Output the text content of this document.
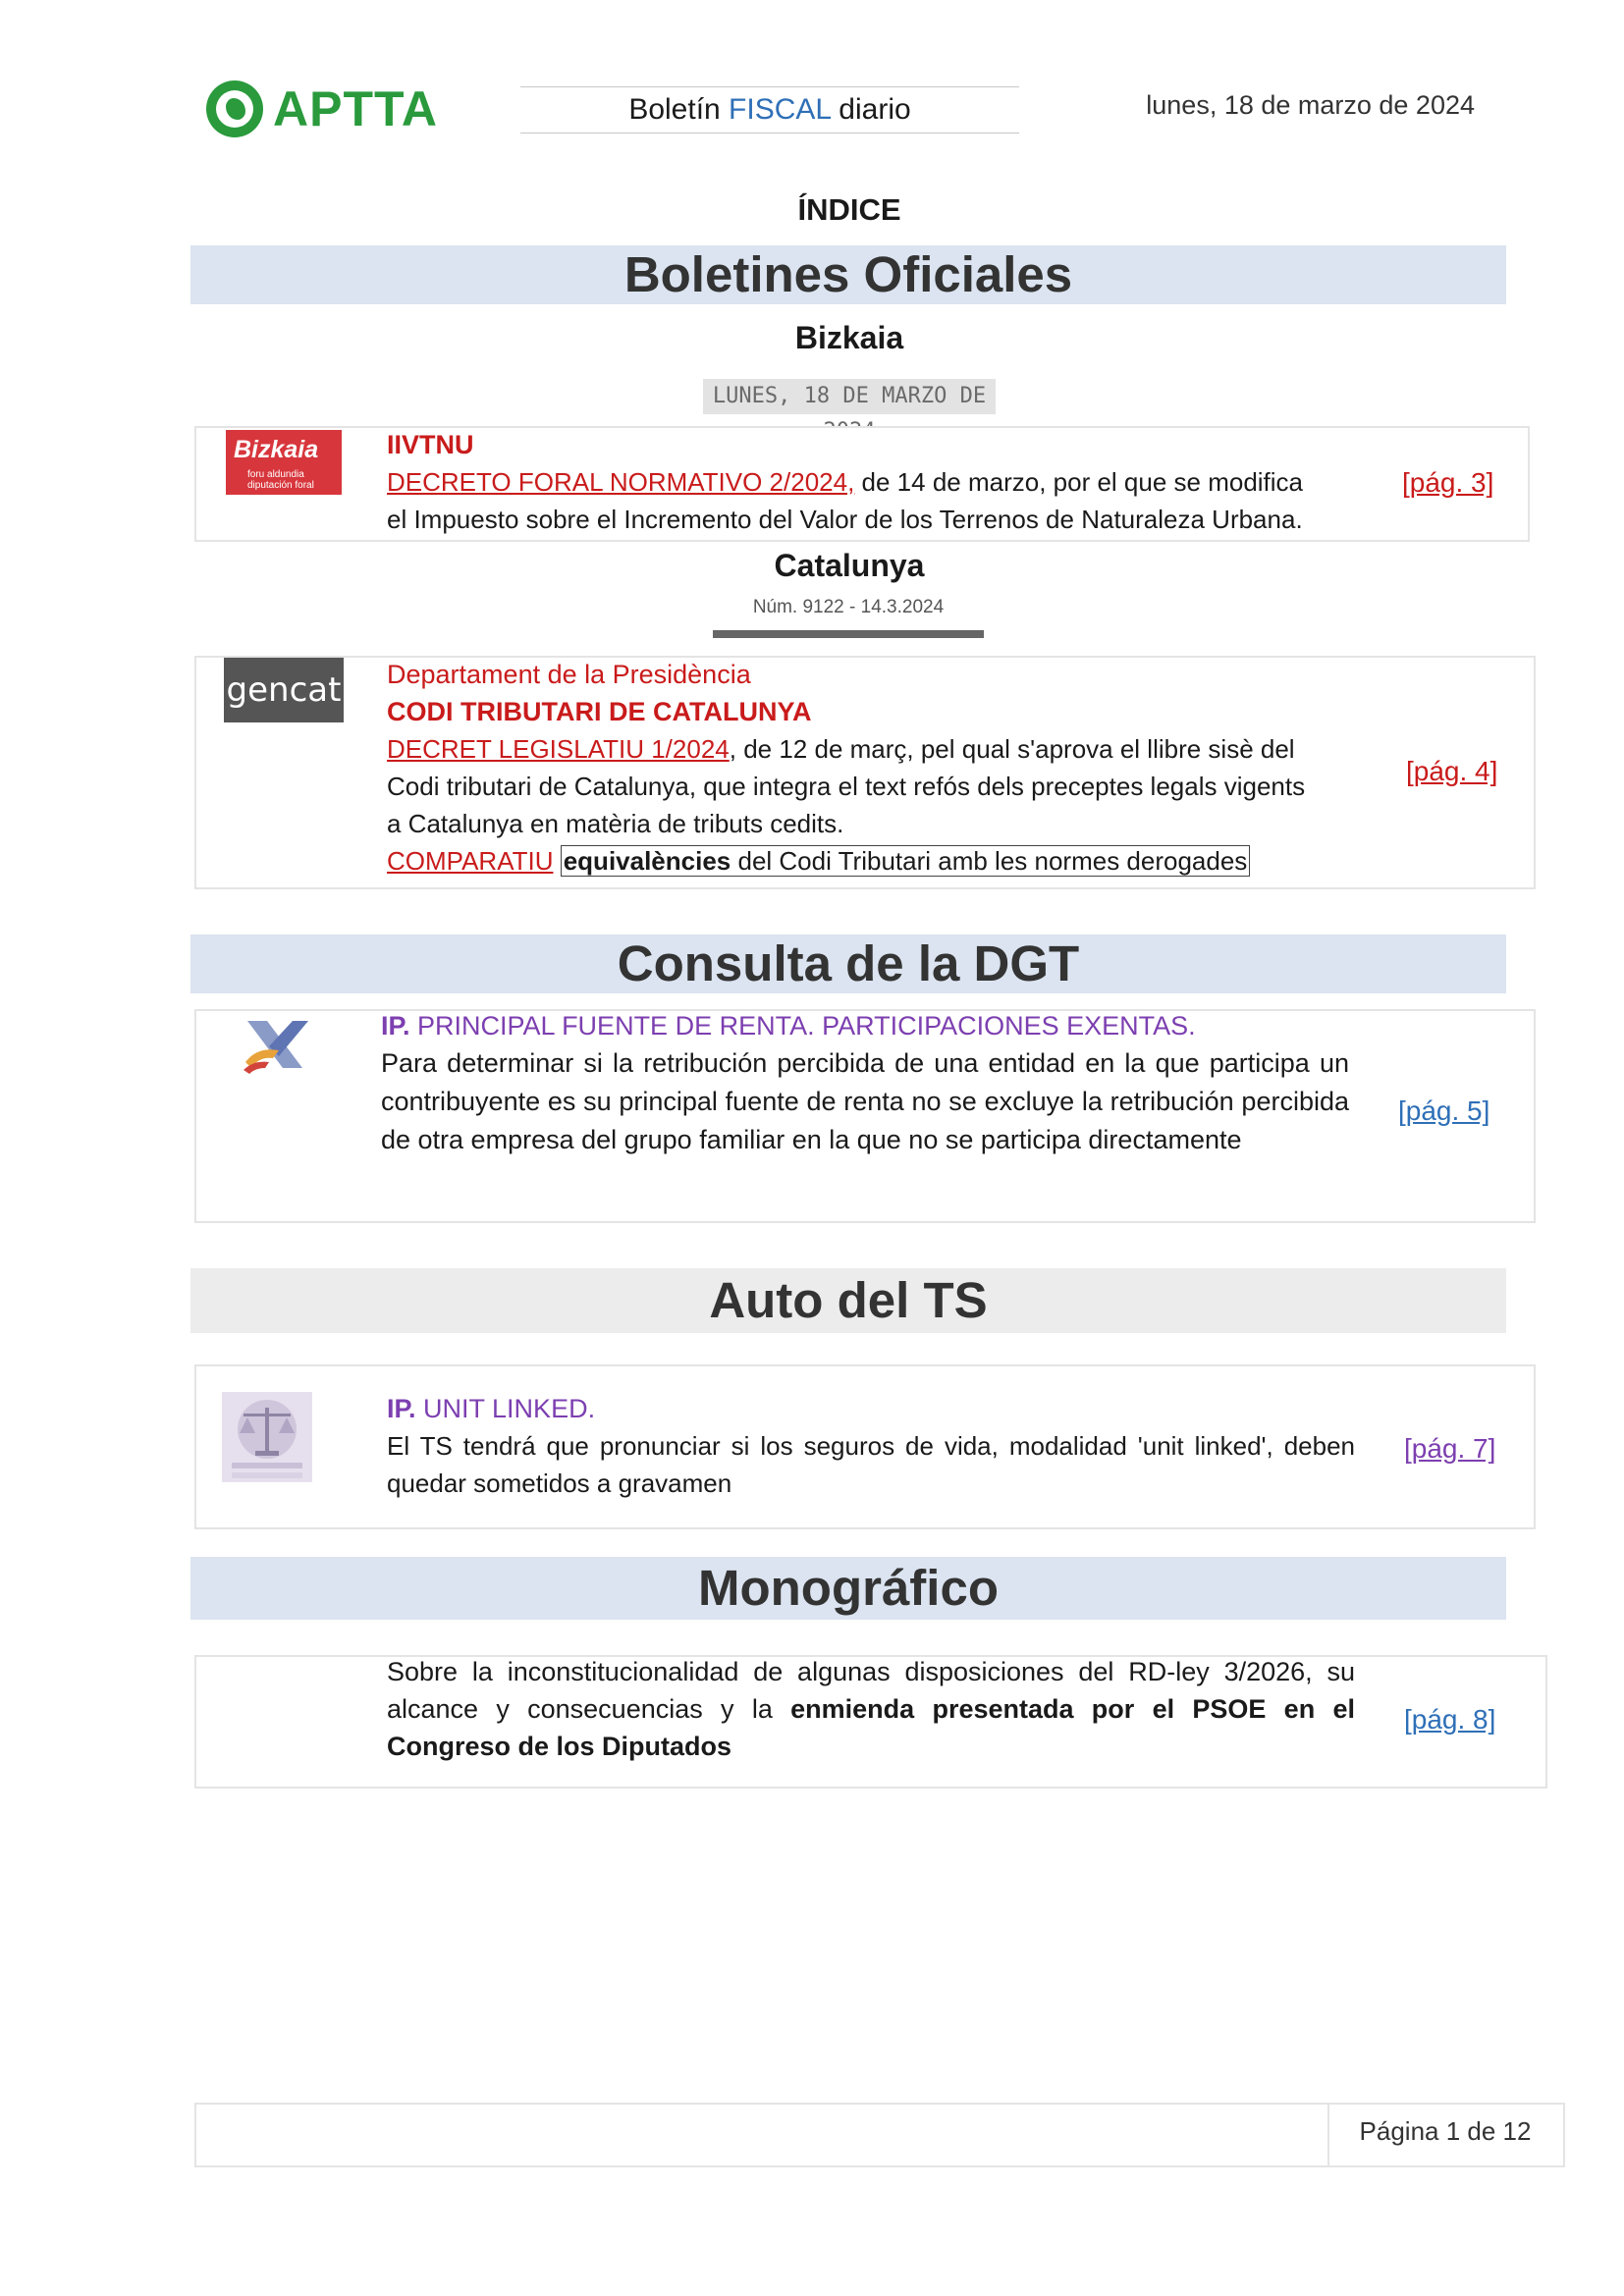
APTTA	Boletín FISCAL diario	lunes, 18 de marzo de 2024
ÍNDICE
Boletines Oficiales
Bizkaia
LUNES, 18 DE MARZO DE
Bizkaia
foru aldundia diputación foral
IIVTNU
DECRETO FORAL NORMATIVO 2/2024, de 14 de marzo, por el que se modifica
el Impuesto sobre el Incremento del Valor de los Terrenos de Naturaleza Urbana.
[pág. 3]
Catalunya
Núm. 9122 - 14.3.2024
gencat Departament de la Presidència
CODI TRIBUTARI DE CATALUNYA
DECRET LEGISLATIU 1/2024, de 12 de març, pel qual s'aprova el llibre sisè del
Codi tributari de Catalunya, que integra el text refós dels preceptes legals vigents
a Catalunya en matèria de tributs cedits.
COMPARATIU equivalències del Codi Tributari amb les normes derogades
[pág. 4]
Consulta de la DGT
IP. PRINCIPAL FUENTE DE RENTA. PARTICIPACIONES EXENTAS.
Para determinar si la retribución percibida de una entidad en la que participa un contribuyente es su principal fuente de renta no se excluye la retribución percibida de otra empresa del grupo familiar en la que no se participa directamente
[pág. 5]
Auto del TS
IP. UNIT LINKED.
El TS tendrá que pronunciar si los seguros de vida, modalidad 'unit linked', deben quedar sometidos a gravamen
[pág. 7]
Monográfico
Sobre la inconstitucionalidad de algunas disposiciones del RD-ley 3/2026, su alcance y consecuencias y la enmienda presentada por el PSOE en el Congreso de los Diputados
[pág. 8]
Página 1 de 12
